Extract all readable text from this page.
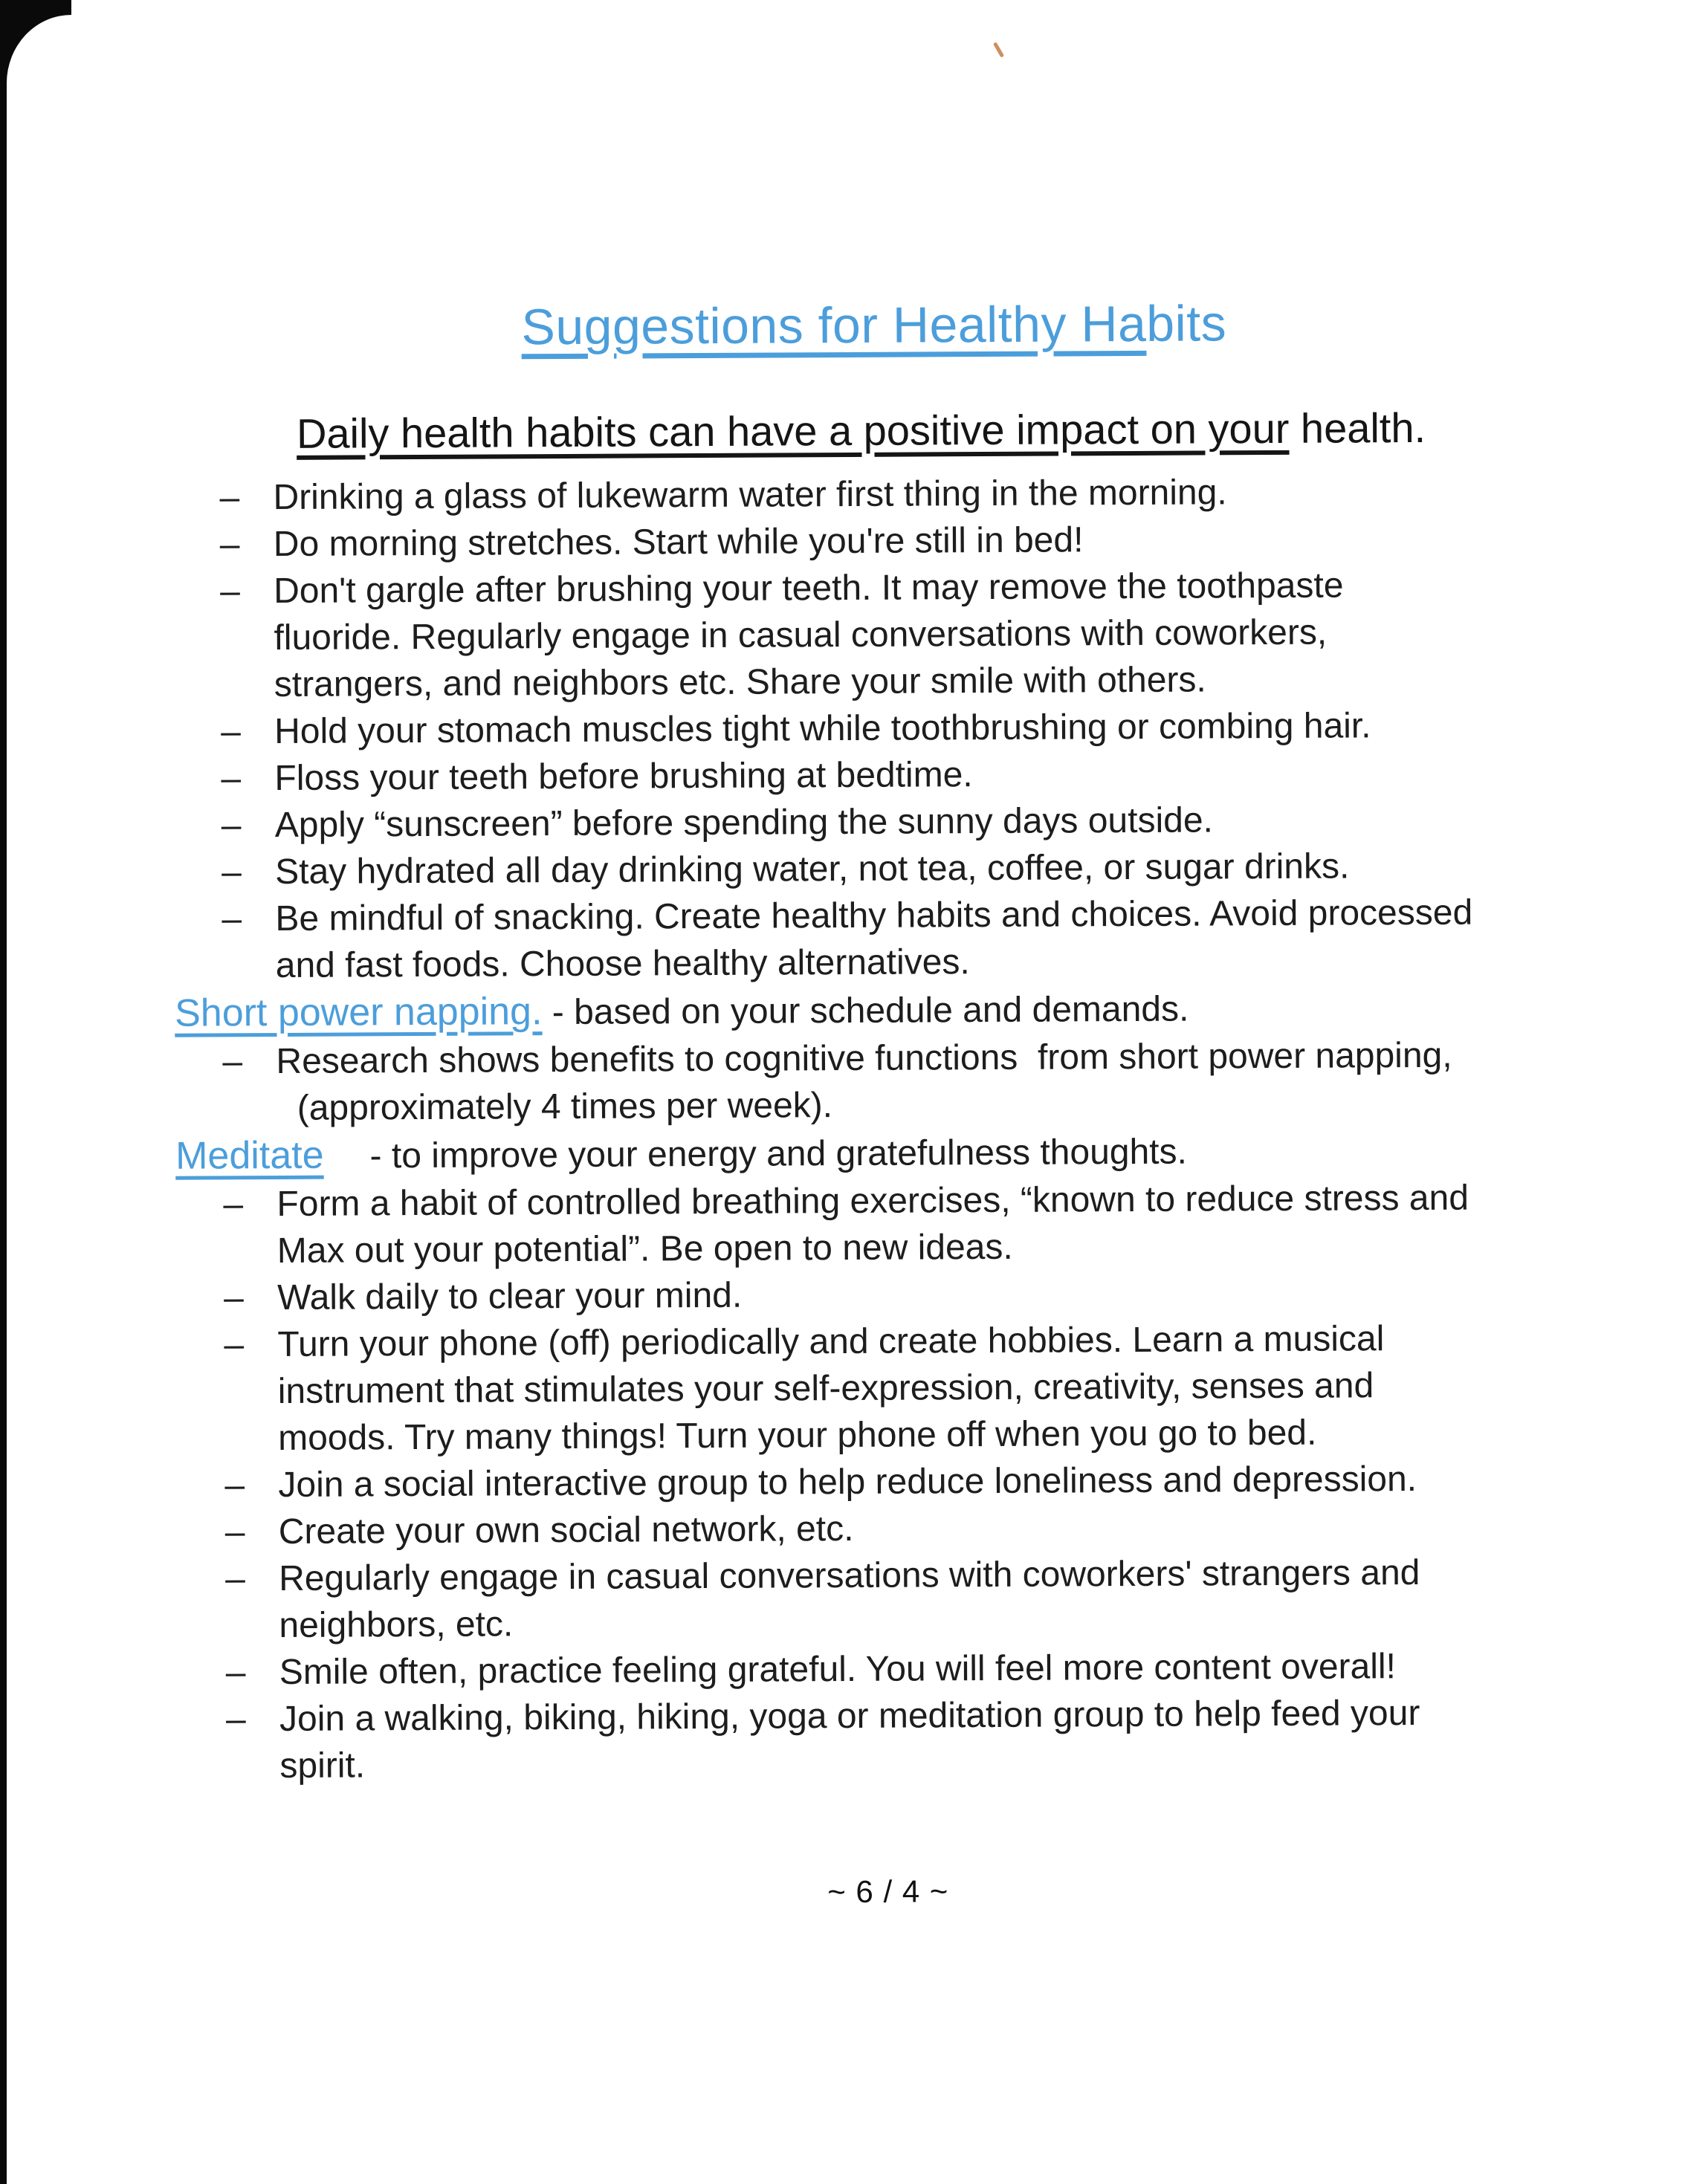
Suggestions for Healthy Habits
Daily health habits can have a positive impact on your health.
– Drinking a glass of lukewarm water first thing in the morning.
– Do morning stretches. Start while you're still in bed!
– Don't gargle after brushing your teeth. It may remove the toothpaste
fluoride. Regularly engage in casual conversations with coworkers,
strangers, and neighbors etc. Share your smile with others.
– Hold your stomach muscles tight while toothbrushing or combing hair.
– Floss your teeth before brushing at bedtime.
– Apply “sunscreen” before spending the sunny days outside.
– Stay hydrated all day drinking water, not tea, coffee, or sugar drinks.
– Be mindful of snacking. Create healthy habits and choices. Avoid processed
and fast foods. Choose healthy alternatives.
Short power napping. - based on your schedule and demands.
– Research shows benefits to cognitive functions  from short power napping,
(approximately 4 times per week).
Meditate - to improve your energy and gratefulness thoughts.
– Form a habit of controlled breathing exercises, “known to reduce stress and
Max out your potential”. Be open to new ideas.
– Walk daily to clear your mind.
– Turn your phone (off) periodically and create hobbies. Learn a musical
instrument that stimulates your self-expression, creativity, senses and
moods. Try many things! Turn your phone off when you go to bed.
– Join a social interactive group to help reduce loneliness and depression.
– Create your own social network, etc.
– Regularly engage in casual conversations with coworkers' strangers and
neighbors, etc.
– Smile often, practice feeling grateful. You will feel more content overall!
– Join a walking, biking, hiking, yoga or meditation group to help feed your
spirit.
~ 6 / 4 ~
